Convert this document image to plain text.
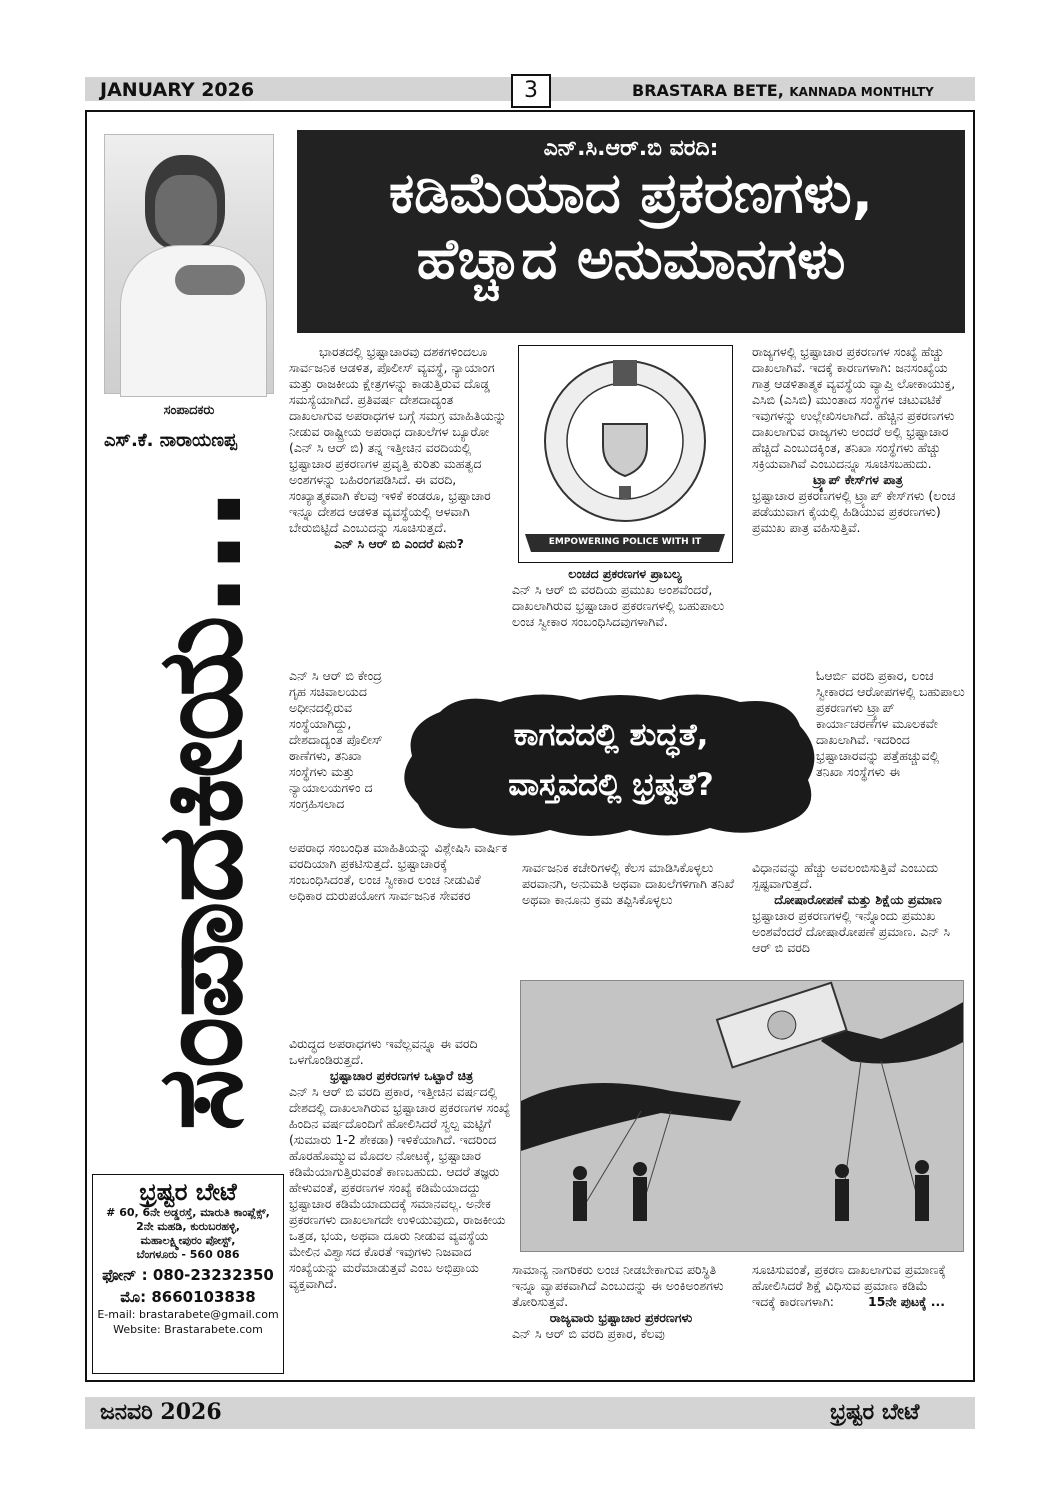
JANUARY 2026	3	BRASTARA BETE, KANNADA MONTHLTY
ಸಂಪಾದಕರು
ಎಸ್.ಕೆ. ನಾರಾಯಣಪ್ಪ
ಸಂಪಾದಕೀಯ...
ಭ್ರಷ್ಟರ ಬೇಟೆ
# 60, 6ನೇ ಅಡ್ಡರಸ್ತೆ, ಮಾರುತಿ ಕಾಂಪ್ಲೆಕ್ಸ್,
2ನೇ ಮಹಡಿ, ಕುರುಬರಹಳ್ಳಿ,
ಮಹಾಲಕ್ಷ್ಮೀಪುರಂ ಪೋಸ್ಟ್,
ಬೆಂಗಳೂರು - 560 086
ಫೋನ್ : 080-23232350
ಮೊ: 8660103838
E-mail: brastarabete@gmail.com
Website: Brastarabete.com
ಎನ್.ಸಿ.ಆರ್.ಬಿ ವರದಿ:
ಕಡಿಮೆಯಾದ ಪ್ರಕರಣಗಳು,
ಹೆಚ್ಚಾದ ಅನುಮಾನಗಳು

ಭಾರತದಲ್ಲಿ ಭ್ರಷ್ಟಾಚಾರವು ದಶಕಗಳಿಂದಲೂ ಸಾರ್ವಜನಿಕ ಆಡಳಿತ, ಪೊಲೀಸ್ ವ್ಯವಸ್ಥೆ, ನ್ಯಾಯಾಂಗ ಮತ್ತು ರಾಜಕೀಯ ಕ್ಷೇತ್ರಗಳನ್ನು ಕಾಡುತ್ತಿರುವ ದೊಡ್ಡ ಸಮಸ್ಯೆಯಾಗಿದೆ. ಪ್ರತಿವರ್ಷ ದೇಶದಾದ್ಯಂತ ದಾಖಲಾಗುವ ಅಪರಾಧಗಳ ಬಗ್ಗೆ ಸಮಗ್ರ ಮಾಹಿತಿಯನ್ನು ನೀಡುವ ರಾಷ್ಟ್ರೀಯ ಅಪರಾಧ ದಾಖಲೆಗಳ ಬ್ಯೂರೋ (ಎನ್ ಸಿ ಆರ್ ಬಿ) ತನ್ನ ಇತ್ತೀಚಿನ ವರದಿಯಲ್ಲಿ ಭ್ರಷ್ಟಾಚಾರ ಪ್ರಕರಣಗಳ ಪ್ರವೃತ್ತಿ ಕುರಿತು ಮಹತ್ವದ ಅಂಶಗಳನ್ನು ಬಹಿರಂಗಪಡಿಸಿದೆ. ಈ ವರದಿ, ಸಂಖ್ಯಾತ್ಮಕವಾಗಿ ಕೆಲವು ಇಳಿಕೆ ಕಂಡರೂ, ಭ್ರಷ್ಟಾಚಾರ ಇನ್ನೂ ದೇಶದ ಆಡಳಿತ ವ್ಯವಸ್ಥೆಯಲ್ಲಿ ಆಳವಾಗಿ ಬೇರುಬಿಟ್ಟಿದೆ ಎಂಬುದನ್ನು ಸೂಚಿಸುತ್ತದೆ.

ಎನ್ ಸಿ ಆರ್ ಬಿ ಎಂದರೆ ಏನು?

ಎನ್ ಸಿ ಆರ್ ಬಿ ಕೇಂದ್ರ ಗೃಹ ಸಚಿವಾಲಯದ ಅಧೀನದಲ್ಲಿರುವ ಸಂಸ್ಥೆಯಾಗಿದ್ದು, ದೇಶದಾದ್ಯಂತ ಪೊಲೀಸ್ ಠಾಣೆಗಳು, ತನಿಖಾ ಸಂಸ್ಥೆಗಳು ಮತ್ತು ನ್ಯಾಯಾಲಯಗಳಿಂ ದ ಸಂಗ್ರಹಿಸಲಾದ

ಅಪರಾಧ ಸಂಬಂಧಿತ ಮಾಹಿತಿಯನ್ನು ವಿಶ್ಲೇಷಿಸಿ ವಾರ್ಷಿಕ ವರದಿಯಾಗಿ ಪ್ರಕಟಿಸುತ್ತದೆ. ಭ್ರಷ್ಟಾಚಾರಕ್ಕೆ ಸಂಬಂಧಿಸಿದಂತೆ, ಲಂಚ ಸ್ವೀಕಾರ ಲಂಚ ನೀಡುವಿಕೆ ಅಧಿಕಾರ ದುರುಪಯೋಗ ಸಾರ್ವಜನಿಕ ಸೇವಕರ

ವಿರುದ್ಧದ ಅಪರಾಧಗಳು ಇವೆಲ್ಲವನ್ನೂ ಈ ವರದಿ ಒಳಗೊಂಡಿರುತ್ತದೆ.

ಭ್ರಷ್ಟಾಚಾರ ಪ್ರಕರಣಗಳ ಒಟ್ಟಾರೆ ಚಿತ್ರ

ಎನ್ ಸಿ ಆರ್ ಬಿ ವರದಿ ಪ್ರಕಾರ, ಇತ್ತೀಚಿನ ವರ್ಷದಲ್ಲಿ ದೇಶದಲ್ಲಿ ದಾಖಲಾಗಿರುವ ಭ್ರಷ್ಟಾಚಾರ ಪ್ರಕರಣಗಳ ಸಂಖ್ಯೆ ಹಿಂದಿನ ವರ್ಷದೊಂದಿಗೆ ಹೋಲಿಸಿದರೆ ಸ್ವಲ್ಪ ಮಟ್ಟಿಗೆ (ಸುಮಾರು 1-2 ಶೇಕಡಾ) ಇಳಿಕೆಯಾಗಿದೆ. ಇದರಿಂದ ಹೊರಹೊಮ್ಮುವ ಮೊದಲ ನೋಟಕ್ಕೆ, ಭ್ರಷ್ಟಾಚಾರ ಕಡಿಮೆಯಾಗುತ್ತಿರುವಂತೆ ಕಾಣಬಹುದು. ಆದರೆ ತಜ್ಞರು ಹೇಳುವಂತೆ, ಪ್ರಕರಣಗಳ ಸಂಖ್ಯೆ ಕಡಿಮೆಯಾದದ್ದು ಭ್ರಷ್ಟಾಚಾರ ಕಡಿಮೆಯಾದುದಕ್ಕೆ ಸಮಾನವಲ್ಲ. ಅನೇಕ ಪ್ರಕರಣಗಳು ದಾಖಲಾಗದೇ ಉಳಿಯುವುದು, ರಾಜಕೀಯ ಒತ್ತಡ, ಭಯ, ಅಥವಾ ದೂರು ನೀಡುವ ವ್ಯವಸ್ಥೆಯ ಮೇಲಿನ ವಿಶ್ವಾಸದ ಕೊರತೆ ಇವುಗಳು ನಿಜವಾದ ಸಂಖ್ಯೆಯನ್ನು ಮರೆಮಾಡುತ್ತವೆ ಎಂಬ ಅಭಿಪ್ರಾಯ ವ್ಯಕ್ತವಾಗಿದೆ.

EMPOWERING POLICE WITH IT

ಲಂಚದ ಪ್ರಕರಣಗಳ ಪ್ರಾಬಲ್ಯ

ಎನ್ ಸಿ ಆರ್ ಬಿ ವರದಿಯ ಪ್ರಮುಖ ಅಂಶವೆಂದರೆ, ದಾಖಲಾಗಿರುವ ಭ್ರಷ್ಟಾಚಾರ ಪ್ರಕರಣಗಳಲ್ಲಿ ಬಹುಪಾಲು ಲಂಚ ಸ್ವೀಕಾರ ಸಂಬಂಧಿಸಿದವುಗಳಾಗಿವೆ.

ಸಾರ್ವಜನಿಕ ಕಚೇರಿಗಳಲ್ಲಿ ಕೆಲಸ ಮಾಡಿಸಿಕೊಳ್ಳಲು ಪರವಾನಗಿ, ಅನುಮತಿ ಅಥವಾ ದಾಖಲೆಗಳಿಗಾಗಿ ತನಿಖೆ ಅಥವಾ ಕಾನೂನು ಕ್ರಮ ತಪ್ಪಿಸಿಕೊಳ್ಳಲು

ರಾಜ್ಯಗಳಲ್ಲಿ ಭ್ರಷ್ಟಾಚಾರ ಪ್ರಕರಣಗಳ ಸಂಖ್ಯೆ ಹೆಚ್ಚು ದಾಖಲಾಗಿವೆ. ಇದಕ್ಕೆ ಕಾರಣಗಳಾಗಿ: ಜನಸಂಖ್ಯೆಯ ಗಾತ್ರ ಆಡಳಿತಾತ್ಮಕ ವ್ಯವಸ್ಥೆಯ ವ್ಯಾಪ್ತಿ ಲೋಕಾಯುಕ್ತ, ಎಸಿಬಿ (ಎಸಿಬಿ) ಮುಂತಾದ ಸಂಸ್ಥೆಗಳ ಚಟುವಟಿಕೆ ಇವುಗಳನ್ನು ಉಲ್ಲೇಖಿಸಲಾಗಿದೆ. ಹೆಚ್ಚಿನ ಪ್ರಕರಣಗಳು ದಾಖಲಾಗುವ ರಾಜ್ಯಗಳು ಅಂದರೆ ಅಲ್ಲಿ ಭ್ರಷ್ಟಾಚಾರ ಹೆಚ್ಚಿದೆ ಎಂಬುದಕ್ಕಿಂತ, ತನಿಖಾ ಸಂಸ್ಥೆಗಳು ಹೆಚ್ಚು ಸಕ್ರಿಯವಾಗಿವೆ ಎಂಬುದನ್ನೂ ಸೂಚಿಸಬಹುದು.

ಟ್ರ್ಯಾಪ್ ಕೇಸ್‌ಗಳ ಪಾತ್ರ

ಭ್ರಷ್ಟಾಚಾರ ಪ್ರಕರಣಗಳಲ್ಲಿ ಟ್ರ್ಯಾಪ್ ಕೇಸ್‌ಗಳು (ಲಂಚ ಪಡೆಯುವಾಗ ಕೈಯಲ್ಲಿ ಹಿಡಿಯುವ ಪ್ರಕರಣಗಳು) ಪ್ರಮುಖ ಪಾತ್ರ ವಹಿಸುತ್ತಿವೆ.

ಓಆರ್ಬಿ ವರದಿ ಪ್ರಕಾರ, ಲಂಚ ಸ್ವೀಕಾರದ ಆರೋಪಗಳಲ್ಲಿ ಬಹುಪಾಲು ಪ್ರಕರಣಗಳು ಟ್ರ್ಯಾಪ್ ಕಾರ್ಯಾಚರಣೆಗಳ ಮೂಲಕವೇ ದಾಖಲಾಗಿವೆ. ಇದರಿಂದ ಭ್ರಷ್ಟಾಚಾರವನ್ನು ಪತ್ತೆಹಚ್ಚುವಲ್ಲಿ ತನಿಖಾ ಸಂಸ್ಥೆಗಳು ಈ

ವಿಧಾನವನ್ನು ಹೆಚ್ಚು ಅವಲಂಬಿಸುತ್ತಿವೆ ಎಂಬುದು ಸ್ಪಷ್ಟವಾಗುತ್ತದೆ.

ದೋಷಾರೋಪಣೆ ಮತ್ತು ಶಿಕ್ಷೆಯ ಪ್ರಮಾಣ

ಭ್ರಷ್ಟಾಚಾರ ಪ್ರಕರಣಗಳಲ್ಲಿ ಇನ್ನೊಂದು ಪ್ರಮುಖ ಅಂಶವೆಂದರೆ ದೋಷಾರೋಪಣೆ ಪ್ರಮಾಣ. ಎನ್ ಸಿ ಆರ್ ಬಿ ವರದಿ

ಕಾಗದದಲ್ಲಿ ಶುದ್ಧತೆ,
ವಾಸ್ತವದಲ್ಲಿ ಭ್ರಷ್ಟತೆ?

ಸಾಮಾನ್ಯ ನಾಗರಿಕರು ಲಂಚ ನೀಡಬೇಕಾಗುವ ಪರಿಸ್ಥಿತಿ ಇನ್ನೂ ವ್ಯಾಪಕವಾಗಿದೆ ಎಂಬುದನ್ನು ಈ ಅಂಕಿಅಂಶಗಳು ತೋರಿಸುತ್ತವೆ.

ರಾಜ್ಯವಾರು ಭ್ರಷ್ಟಾಚಾರ ಪ್ರಕರಣಗಳು

ಎನ್ ಸಿ ಆರ್ ಬಿ ವರದಿ ಪ್ರಕಾರ, ಕೆಲವು

ಸೂಚಿಸುವಂತೆ, ಪ್ರಕರಣ ದಾಖಲಾಗುವ ಪ್ರಮಾಣಕ್ಕೆ ಹೋಲಿಸಿದರೆ ಶಿಕ್ಷೆ ವಿಧಿಸುವ ಪ್ರಮಾಣ ಕಡಿಮೆ

ಇದಕ್ಕೆ ಕಾರಣಗಳಾಗಿ:	15ನೇ ಪುಟಕ್ಕೆ ...

ಜನವರಿ 2026	ಭ್ರಷ್ಟರ ಬೇಟೆ
